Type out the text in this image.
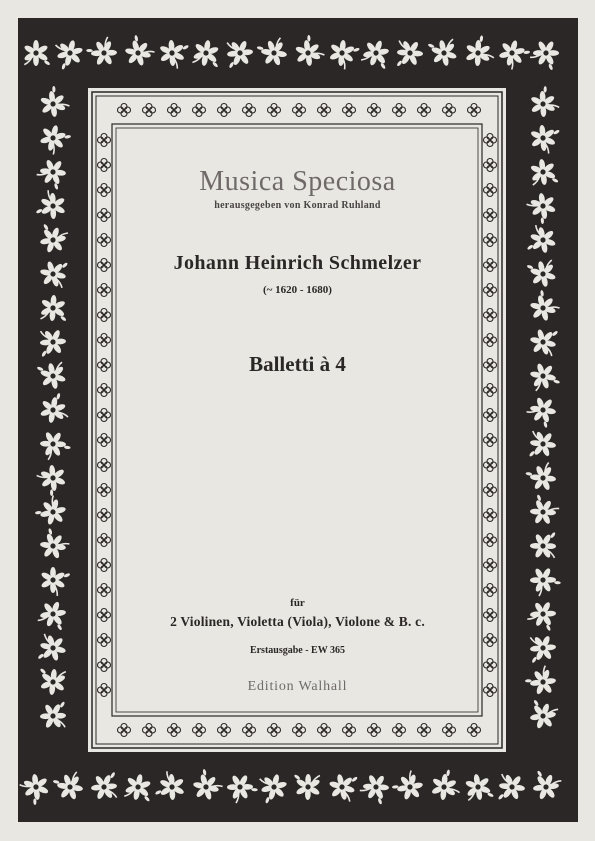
Musica Speciosa
herausgegeben von Konrad Ruhland
Johann Heinrich Schmelzer
(~ 1620 - 1680)
Balletti à 4
für
2 Violinen, Violetta (Viola), Violone & B. c.
Erstausgabe - EW 365
Edition Walhall
